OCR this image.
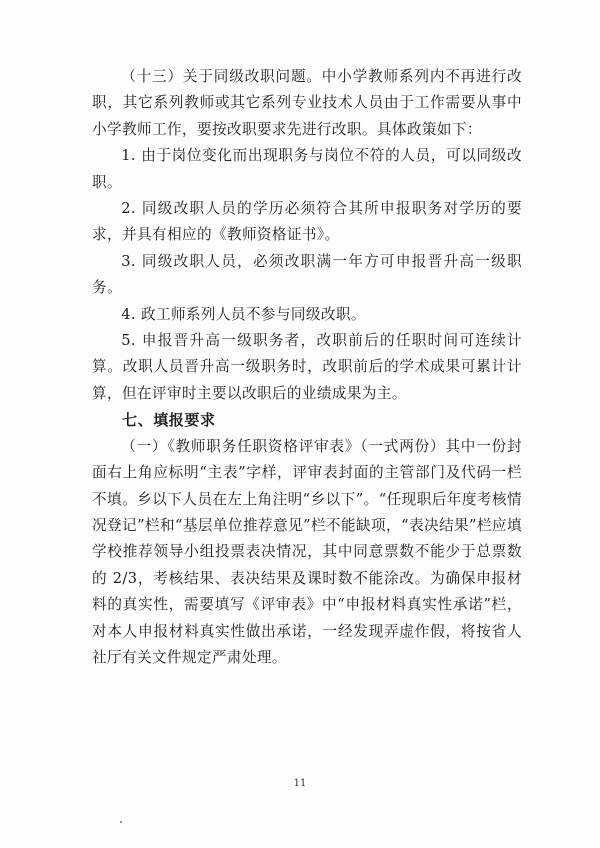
（十三）关于同级改职问题。中小学教师系列内不再进行改职，其它系列教师或其它系列专业技术人员由于工作需要从事中小学教师工作，要按改职要求先进行改职。具体政策如下：

1. 由于岗位变化而出现职务与岗位不符的人员，可以同级改职。

2. 同级改职人员的学历必须符合其所申报职务对学历的要求，并具有相应的《教师资格证书》。

3. 同级改职人员，必须改职满一年方可申报晋升高一级职务。

4. 政工师系列人员不参与同级改职。

5. 申报晋升高一级职务者，改职前后的任职时间可连续计算。改职人员晋升高一级职务时，改职前后的学术成果可累计计算，但在评审时主要以改职后的业绩成果为主。

七、填报要求

（一）《教师职务任职资格评审表》（一式两份）其中一份封面右上角应标明“主表”字样，评审表封面的主管部门及代码一栏不填。乡以下人员在左上角注明“乡以下”。“任现职后年度考核情况登记”栏和“基层单位推荐意见”栏不能缺项，“表决结果”栏应填学校推荐领导小组投票表决情况，其中同意票数不能少于总票数的 2/3，考核结果、表决结果及课时数不能涂改。为确保申报材料的真实性，需要填写《评审表》中“申报材料真实性承诺”栏，对本人申报材料真实性做出承诺，一经发现弄虚作假，将按省人社厅有关文件规定严肃处理。

11
